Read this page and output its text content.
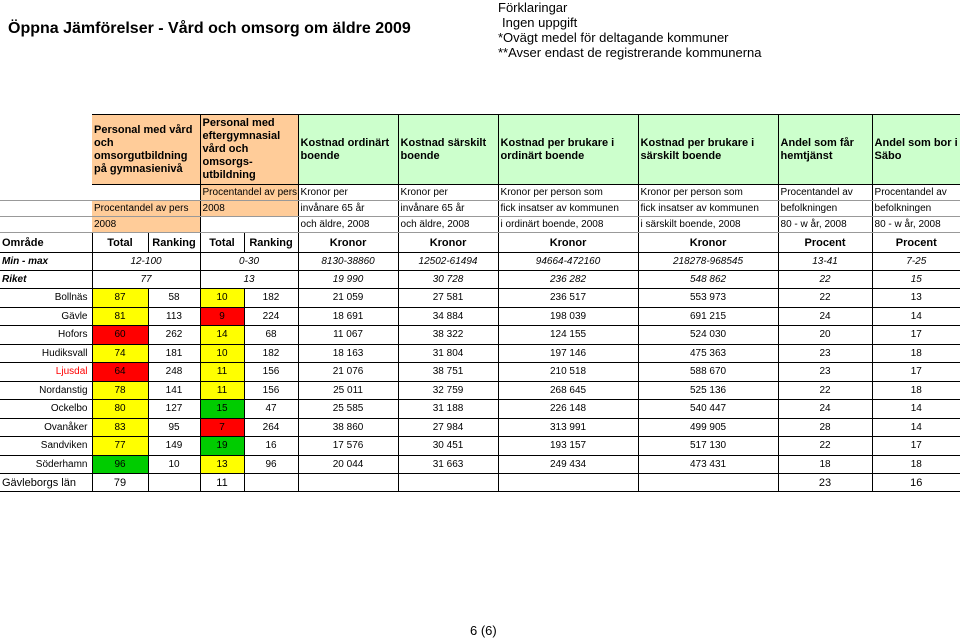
Öppna Jämförelser - Vård och omsorg om äldre 2009
Förklaringar
Ingen uppgift
*Ovägt medel för deltagande kommuner
**Avser endast de registrerande kommunerna
	Personal med vård och omsorgutbildning på gymnasienivå		Personal med eftergymnasial vård och omsorgs-utbildning		Kostnad ordinärt boende	Kostnad särskilt boende	Kostnad per brukare i ordinärt boende	Kostnad per brukare i särskilt boende	Andel som får hemtjänst	Andel som bor i Säbo
			Procentandel av pers		Kronor per	Kronor per	Kronor per person som	Kronor per person som	Procentandel av	Procentandel av
	Procentandel av pers		2008		invånare 65 år	invånare 65 år	fick insatser av kommunen	fick insatser av kommunen	befolkningen	befolkningen
	2008				och äldre, 2008	och äldre, 2008	i ordinärt boende, 2008	i särskilt boende, 2008	80 - w år, 2008	80 - w år, 2008
Område	Total	Ranking	Total	Ranking	Kronor	Kronor	Kronor	Kronor	Procent	Procent
Min - max	12-100		0-30		8130-38860	12502-61494	94664-472160	218278-968545	13-41	7-25
Riket	77		13		19 990	30 728	236 282	548 862	22	15
Bollnäs	87	58	10	182	21 059	27 581	236 517	553 973	22	13
Gävle	81	113	9	224	18 691	34 884	198 039	691 215	24	14
Hofors	60	262	14	68	11 067	38 322	124 155	524 030	20	17
Hudiksvall	74	181	10	182	18 163	31 804	197 146	475 363	23	18
Ljusdal	64	248	11	156	21 076	38 751	210 518	588 670	23	17
Nordanstig	78	141	11	156	25 011	32 759	268 645	525 136	22	18
Ockelbo	80	127	15	47	25 585	31 188	226 148	540 447	24	14
Ovanåker	83	95	7	264	38 860	27 984	313 991	499 905	28	14
Sandviken	77	149	19	16	17 576	30 451	193 157	517 130	22	17
Söderhamn	96	10	13	96	20 044	31 663	249 434	473 431	18	18
Gävleborgs län	79		11						23	16
6 (6)
